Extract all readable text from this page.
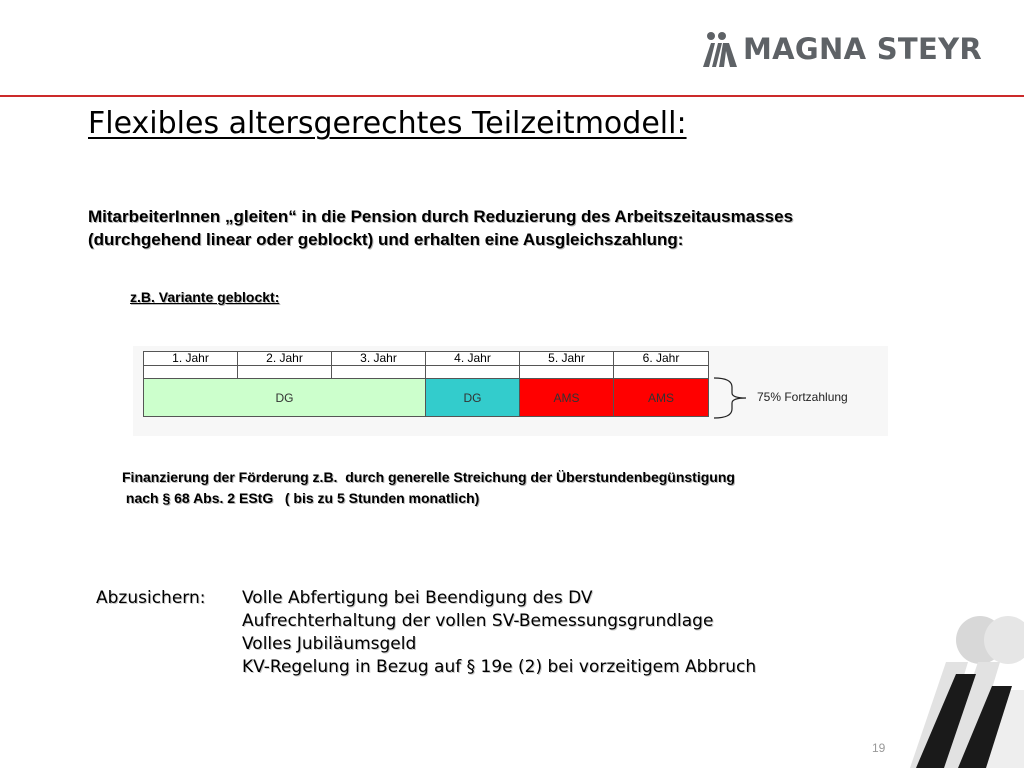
MAGNA STEYR
Flexibles altersgerechtes Teilzeitmodell:
MitarbeiterInnen „gleiten“ in die Pension durch Reduzierung des Arbeitszeitausmasses
(durchgehend linear oder geblockt) und erhalten eine Ausgleichszahlung:
z.B. Variante geblockt:
1. Jahr	2. Jahr	3. Jahr	4. Jahr	5. Jahr	6. Jahr

DG			DG	AMS	AMS	75% Fortzahlung
Finanzierung der Förderung z.B.  durch generelle Streichung der Überstundenbegünstigung
nach § 68 Abs. 2 EStG   ( bis zu 5 Stunden monatlich)
Abzusichern:	Volle Abfertigung bei Beendigung des DV
Aufrechterhaltung der vollen SV-Bemessungsgrundlage
Volles Jubiläumsgeld
KV-Regelung in Bezug auf § 19e (2) bei vorzeitigem Abbruch
19
